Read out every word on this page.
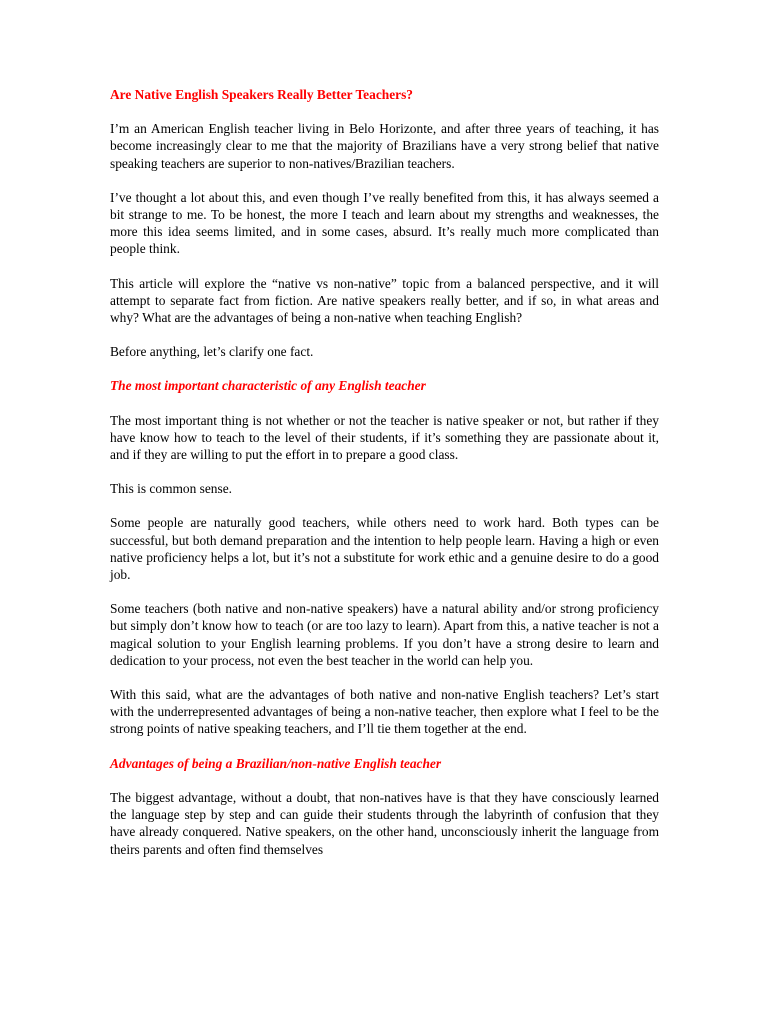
Are Native English Speakers Really Better Teachers?

I’m an American English teacher living in Belo Horizonte, and after three years of teaching, it has become increasingly clear to me that the majority of Brazilians have a very strong belief that native speaking teachers are superior to non-natives/Brazilian teachers.

I’ve thought a lot about this, and even though I’ve really benefited from this, it has always seemed a bit strange to me. To be honest, the more I teach and learn about my strengths and weaknesses, the more this idea seems limited, and in some cases, absurd. It’s really much more complicated than people think.

This article will explore the “native vs non-native” topic from a balanced perspective, and it will attempt to separate fact from fiction. Are native speakers really better, and if so, in what areas and why? What are the advantages of being a non-native when teaching English?

Before anything, let’s clarify one fact.

The most important characteristic of any English teacher

The most important thing is not whether or not the teacher is native speaker or not, but rather if they have know how to teach to the level of their students, if it’s something they are passionate about it, and if they are willing to put the effort in to prepare a good class.

This is common sense.

Some people are naturally good teachers, while others need to work hard. Both types can be successful, but both demand preparation and the intention to help people learn. Having a high or even native proficiency helps a lot, but it’s not a substitute for work ethic and a genuine desire to do a good job.

Some teachers (both native and non-native speakers) have a natural ability and/or strong proficiency but simply don’t know how to teach (or are too lazy to learn). Apart from this, a native teacher is not a magical solution to your English learning problems. If you don’t have a strong desire to learn and dedication to your process, not even the best teacher in the world can help you.

With this said, what are the advantages of both native and non-native English teachers? Let’s start with the underrepresented advantages of being a non-native teacher, then explore what I feel to be the strong points of native speaking teachers, and I’ll tie them together at the end.

Advantages of being a Brazilian/non-native English teacher

The biggest advantage, without a doubt, that non-natives have is that they have consciously learned the language step by step and can guide their students through the labyrinth of confusion that they have already conquered. Native speakers, on the other hand, unconsciously inherit the language from theirs parents and often find themselves
